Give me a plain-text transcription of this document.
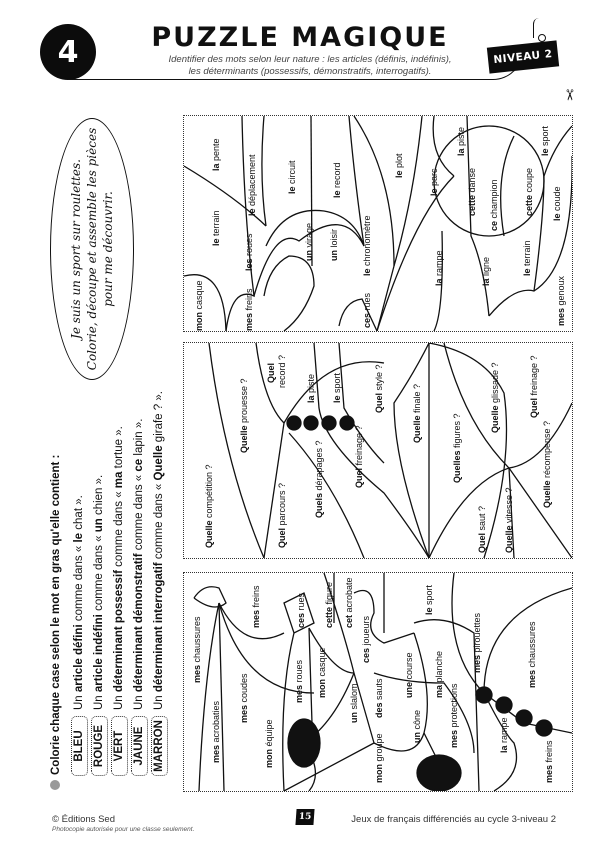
4	PUZZLE MAGIQUE
Identifier des mots selon leur nature : les articles (définis, indéfinis),
les déterminants (possessifs, démonstratifs, interrogatifs).
NIVEAU 2
✂
Colorie chaque case selon le mot en gras qu'elle contient : BLEU
Un article défini comme dans « le chat ».
ROUGE
Un article indéfini comme dans « un chien ».
VERT
Un déterminant possessif comme dans « ma tortue ».
JAUNE
Un déterminant démonstratif comme dans « ce lapin ».
MARRON
Un déterminant interrogatif comme dans « Quelle girafe ? ».
Je suis un sport sur roulettes. Colorie, découpe et assemble les pièces pour me découvrir.
mon casque
le terrain
la pente
mes freins
les roues
le déplacement	le circuit
un virage
un loisir
le record
le chronomètre
ces rues
le plot
le parc
la rampe
cette danse
ce champion
la ligne
cette coupe
le terrain
la piste
le sport
le coude
mes genoux
Quelle compétition ?
Quelle prouesse ?
Quel record ?
Quel parcours ?
la piste
Quels dérapages ?
le sport
Quel freinage ?
Quel style ?
Quelle finale ?
Quelles figures ?
Quel saut ?
Quelle glissade ?
Quelle vitesse ?
Quel freinage ?
Quelle récompense ?
mes chaussures
mes acrobaties mes coudes
mes freins
mon équipe
mes roues
ces rues
mon casque
cette figure
cet acrobate
un slalom
ces joueurs
des sauts
mon groupe
une course
un cône
le sport
ma planche
mes protections
mes pirouettes
la rampe
mes chaussures
mes freins
© Éditions Sed
Photocopie autorisée pour une classe seulement.
15	Jeux de français différenciés au cycle 3-niveau 2
